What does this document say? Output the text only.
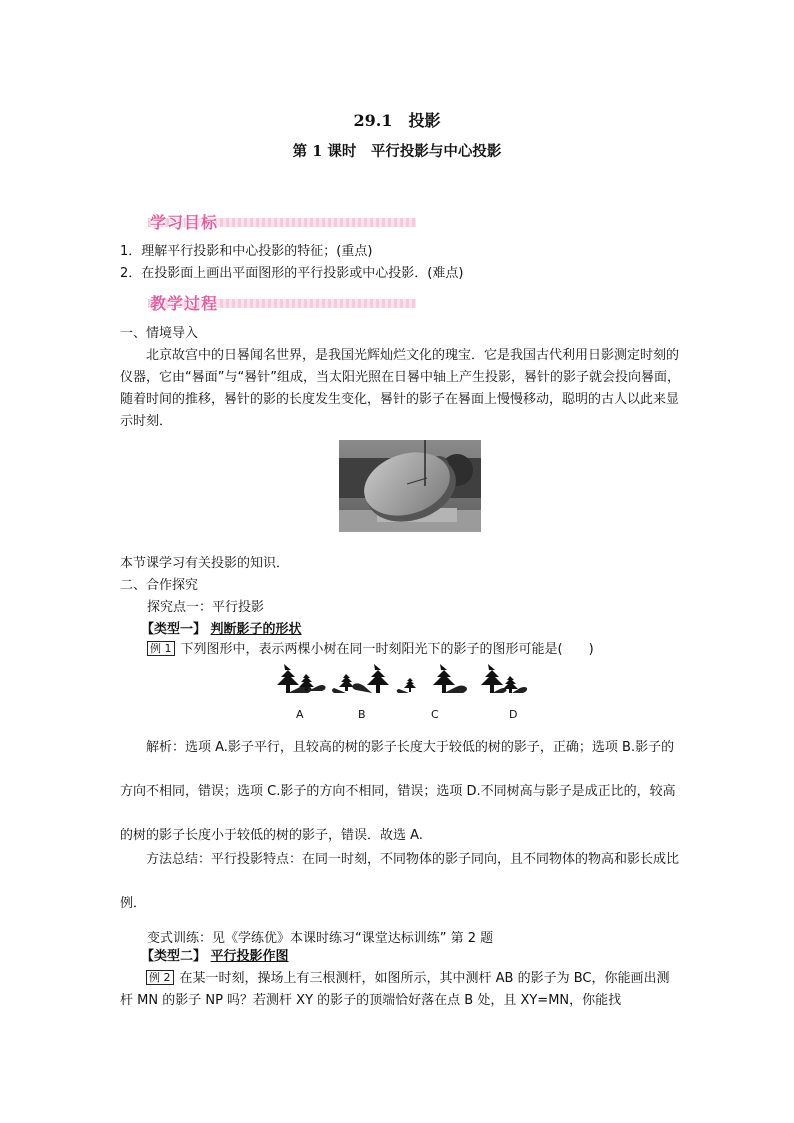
29.1　投影
第 1 课时　平行投影与中心投影
学习目标
1．理解平行投影和中心投影的特征；(重点)
2．在投影面上画出平面图形的平行投影或中心投影．(难点)
教学过程
一、情境导入
北京故宫中的日晷闻名世界，是我国光辉灿烂文化的瑰宝．它是我国古代利用日影测定时刻的仪器，它由“晷面”与“晷针”组成，当太阳光照在日晷中轴上产生投影，晷针的影子就会投向晷面，随着时间的推移，晷针的影的长度发生变化，晷针的影子在晷面上慢慢移动，聪明的古人以此来显示时刻．
本节课学习有关投影的知识．
二、合作探究
探究点一：平行投影
【类型一】 判断影子的形状
例 1 下列图形中，表示两棵小树在同一时刻阳光下的影子的图形可能是(　　)
A	B	C	D
解析：选项 A.影子平行，且较高的树的影子长度大于较低的树的影子，正确；选项 B.影子的方向不相同，错误；选项 C.影子的方向不相同，错误；选项 D.不同树高与影子是成正比的，较高的树的影子长度小于较低的树的影子，错误．故选 A.
方法总结：平行投影特点：在同一时刻，不同物体的影子同向，且不同物体的物高和影长成比例．
变式训练：见《学练优》本课时练习“课堂达标训练” 第 2 题
【类型二】 平行投影作图
例 2 在某一时刻，操场上有三根测杆，如图所示，其中测杆 AB 的影子为 BC，你能画出测杆 MN 的影子 NP 吗？若测杆 XY 的影子的顶端恰好落在点 B 处，且 XY=MN，你能找
